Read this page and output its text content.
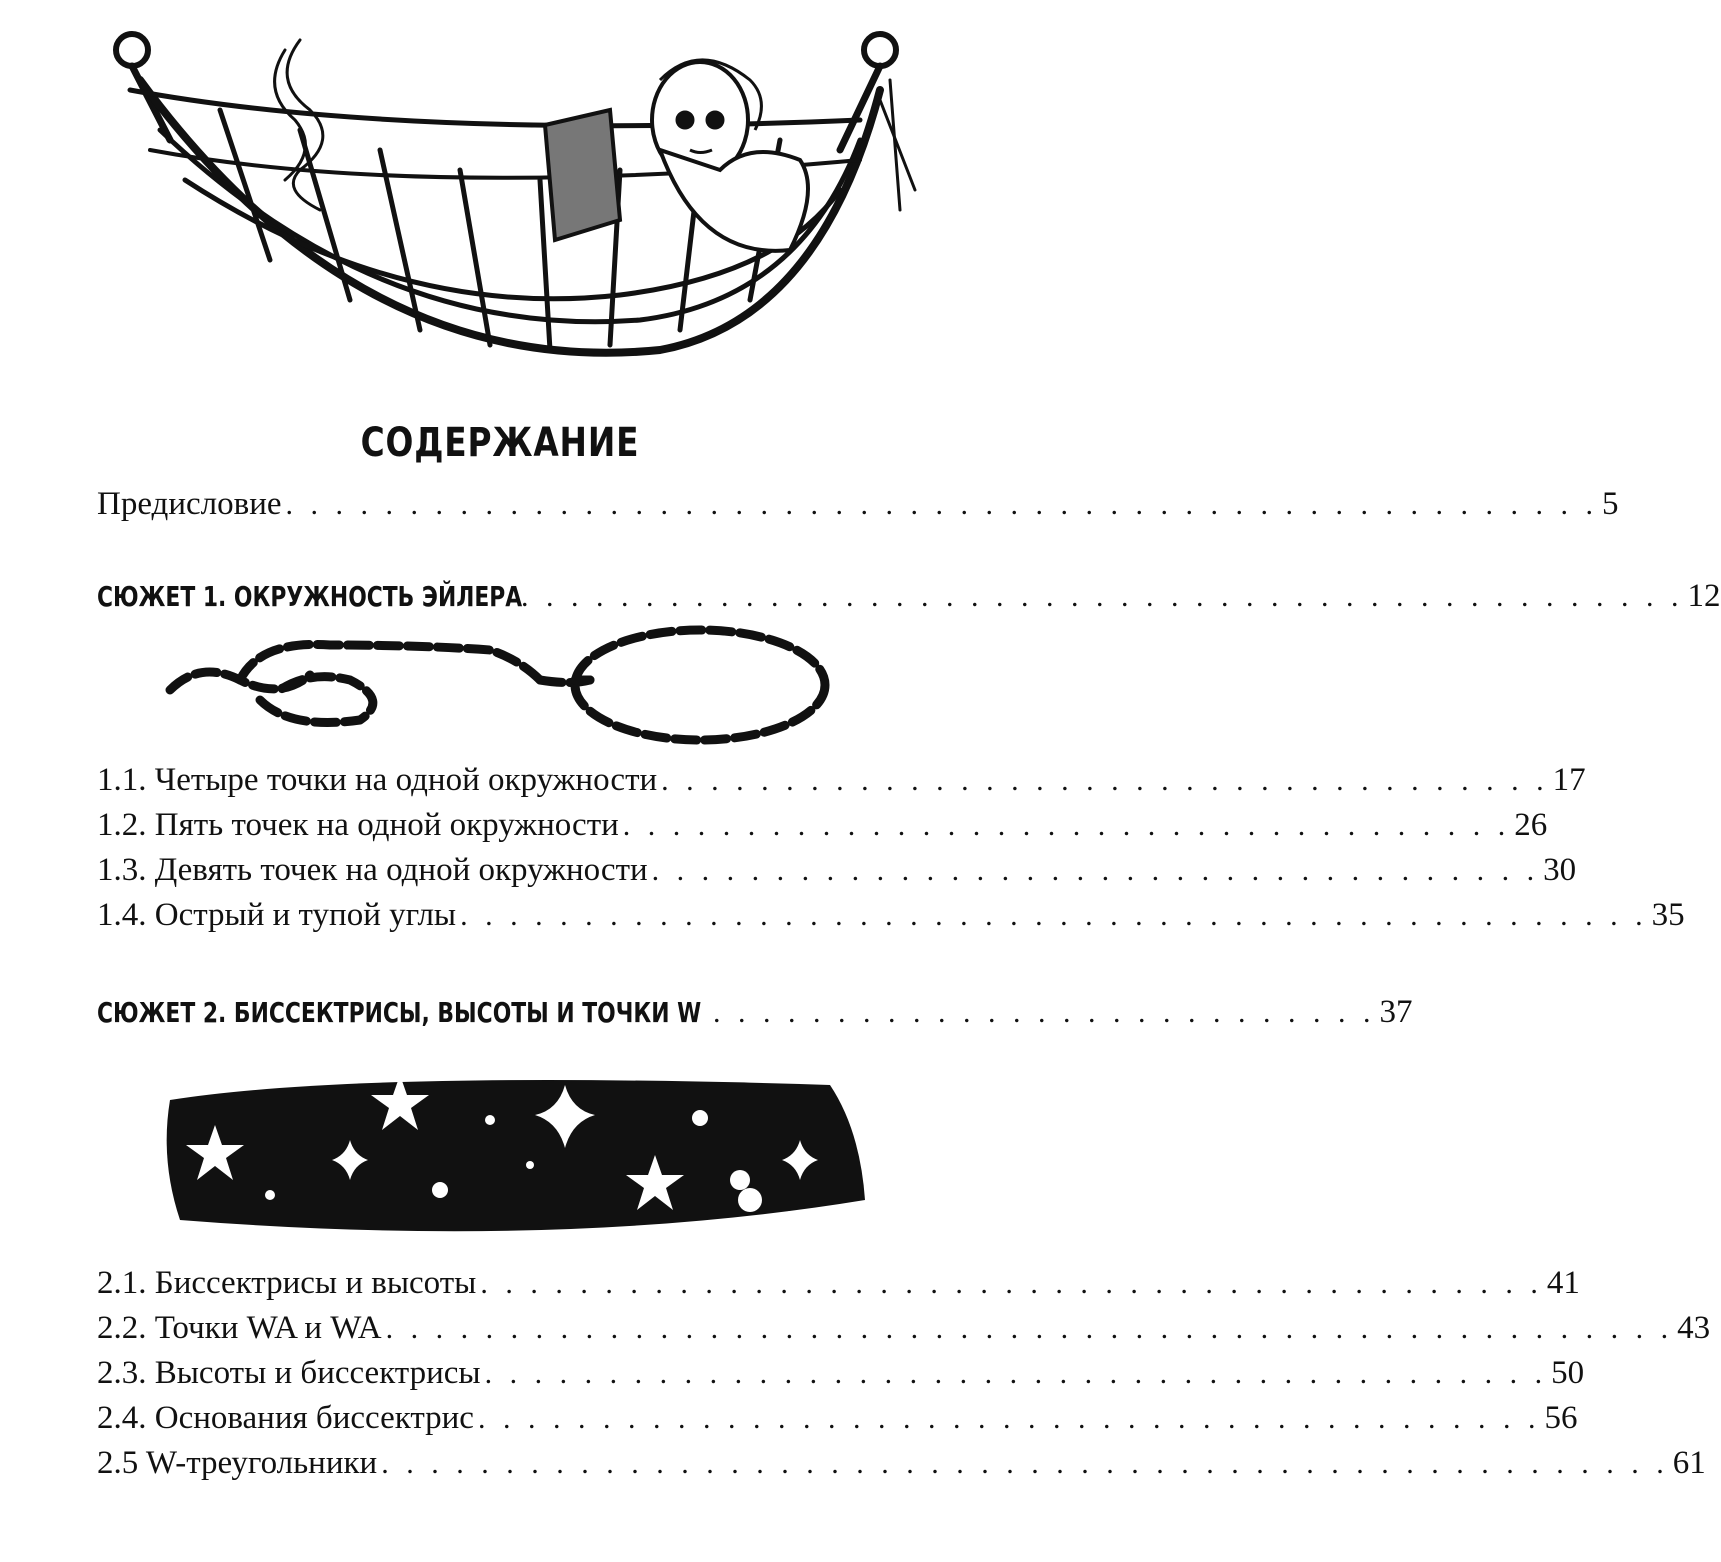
СОДЕРЖАНИЕ
Предисловие . . . . . . . . . . . . . . . . . . . . . . . . . . . . . . . . . . . . . . . . . . . . . . . . . . . . . 5
СЮЖЕТ 1. ОКРУЖНОСТЬ ЭЙЛЕРА
. . . . . . . . . . . . . . . . . . . . . . . . . . . . . . . . . . . . . . . . . . . . . . . 12
1.1. Четыре точки на одной окружности . . . . . . . . . . . . . . . . . . . . . . . . . . . . . . . . . . . . 17
1.2. Пять точек на одной окружности . . . . . . . . . . . . . . . . . . . . . . . . . . . . . . . . . . . . 26
1.3. Девять точек на одной окружности . . . . . . . . . . . . . . . . . . . . . . . . . . . . . . . . . . . . 30
1.4. Острый и тупой углы . . . . . . . . . . . . . . . . . . . . . . . . . . . . . . . . . . . . . . . . . . . . . . . . 35
СЮЖЕТ 2. БИССЕКТРИСЫ, ВЫСОТЫ И ТОЧКИ W . . . . . . . . . . . . . . . . . . . . . . . . . . . 37
2.1. Биссектрисы и высоты . . . . . . . . . . . . . . . . . . . . . . . . . . . . . . . . . . . . . . . . . . . 41
2.2. Точки WA и WA . . . . . . . . . . . . . . . . . . . . . . . . . . . . . . . . . . . . . . . . . . . . . . . . . . . . 43
2.3. Высоты и биссектрисы . . . . . . . . . . . . . . . . . . . . . . . . . . . . . . . . . . . . . . . . . . . 50
2.4. Основания биссектрис . . . . . . . . . . . . . . . . . . . . . . . . . . . . . . . . . . . . . . . . . . . 56
2.5 W-треугольники . . . . . . . . . . . . . . . . . . . . . . . . . . . . . . . . . . . . . . . . . . . . . . . . . . . . 61
